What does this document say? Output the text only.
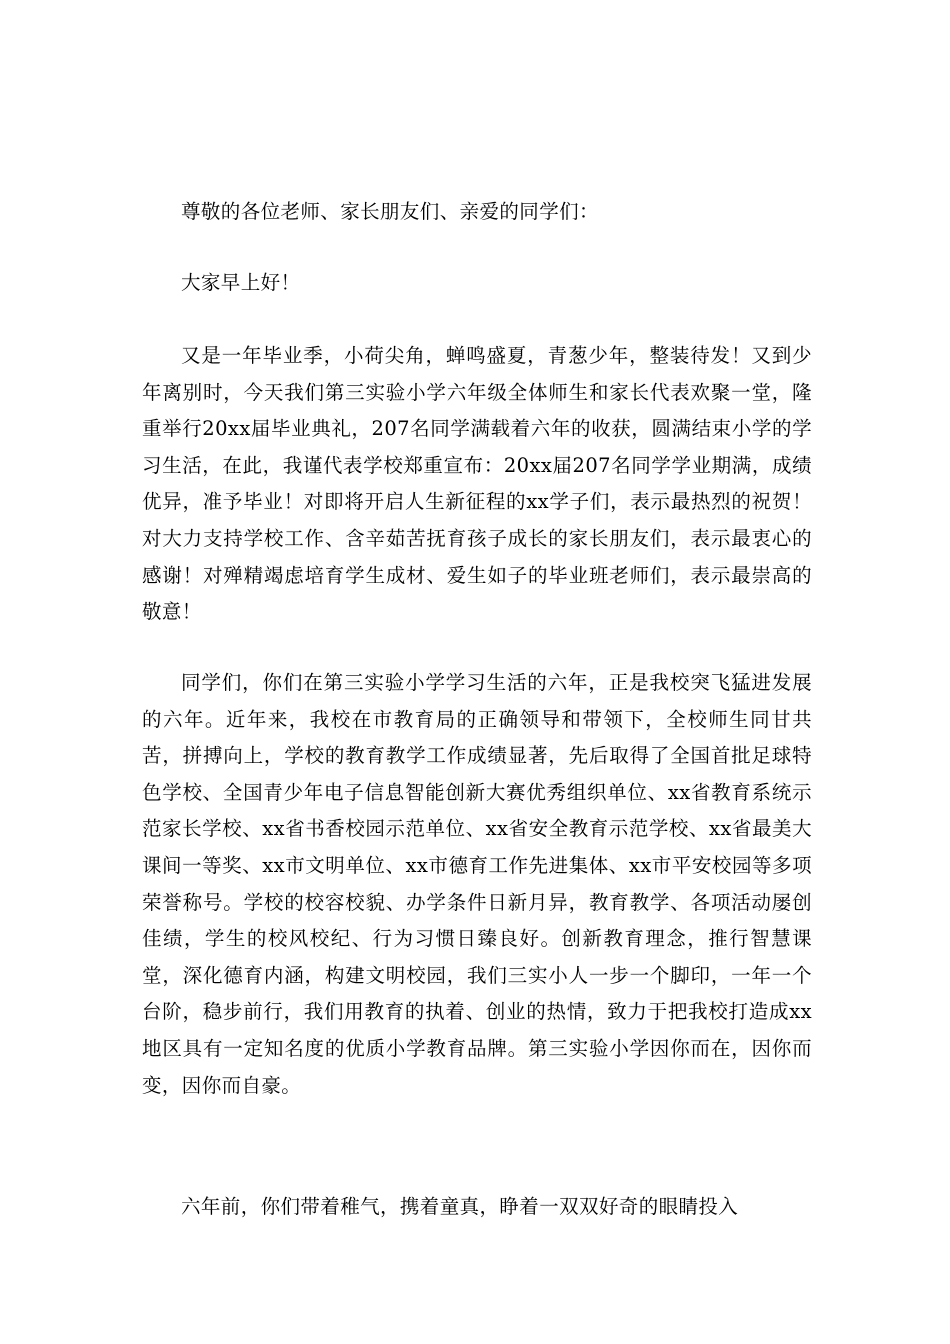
尊敬的各位老师、家长朋友们、亲爱的同学们：

大家早上好！

又是一年毕业季，小荷尖角，蝉鸣盛夏，青葱少年，整装待发！又到少年离别时，今天我们第三实验小学六年级全体师生和家长代表欢聚一堂，隆重举行20xx届毕业典礼，207名同学满载着六年的收获，圆满结束小学的学习生活，在此，我谨代表学校郑重宣布：20xx届207名同学学业期满，成绩优异，准予毕业！对即将开启人生新征程的xx学子们，表示最热烈的祝贺！对大力支持学校工作、含辛茹苦抚育孩子成长的家长朋友们，表示最衷心的感谢！对殚精竭虑培育学生成材、爱生如子的毕业班老师们，表示最崇高的敬意！

同学们，你们在第三实验小学学习生活的六年，正是我校突飞猛进发展的六年。近年来，我校在市教育局的正确领导和带领下，全校师生同甘共苦，拼搏向上，学校的教育教学工作成绩显著，先后取得了全国首批足球特色学校、全国青少年电子信息智能创新大赛优秀组织单位、xx省教育系统示范家长学校、xx省书香校园示范单位、xx省安全教育示范学校、xx省最美大课间一等奖、xx市文明单位、xx市德育工作先进集体、xx市平安校园等多项荣誉称号。学校的校容校貌、办学条件日新月异，教育教学、各项活动屡创佳绩，学生的校风校纪、行为习惯日臻良好。创新教育理念，推行智慧课堂，深化德育内涵，构建文明校园，我们三实小人一步一个脚印，一年一个台阶，稳步前行，我们用教育的执着、创业的热情，致力于把我校打造成xx地区具有一定知名度的优质小学教育品牌。第三实验小学因你而在，因你而变，因你而自豪。

六年前，你们带着稚气，携着童真，睁着一双双好奇的眼睛投入
